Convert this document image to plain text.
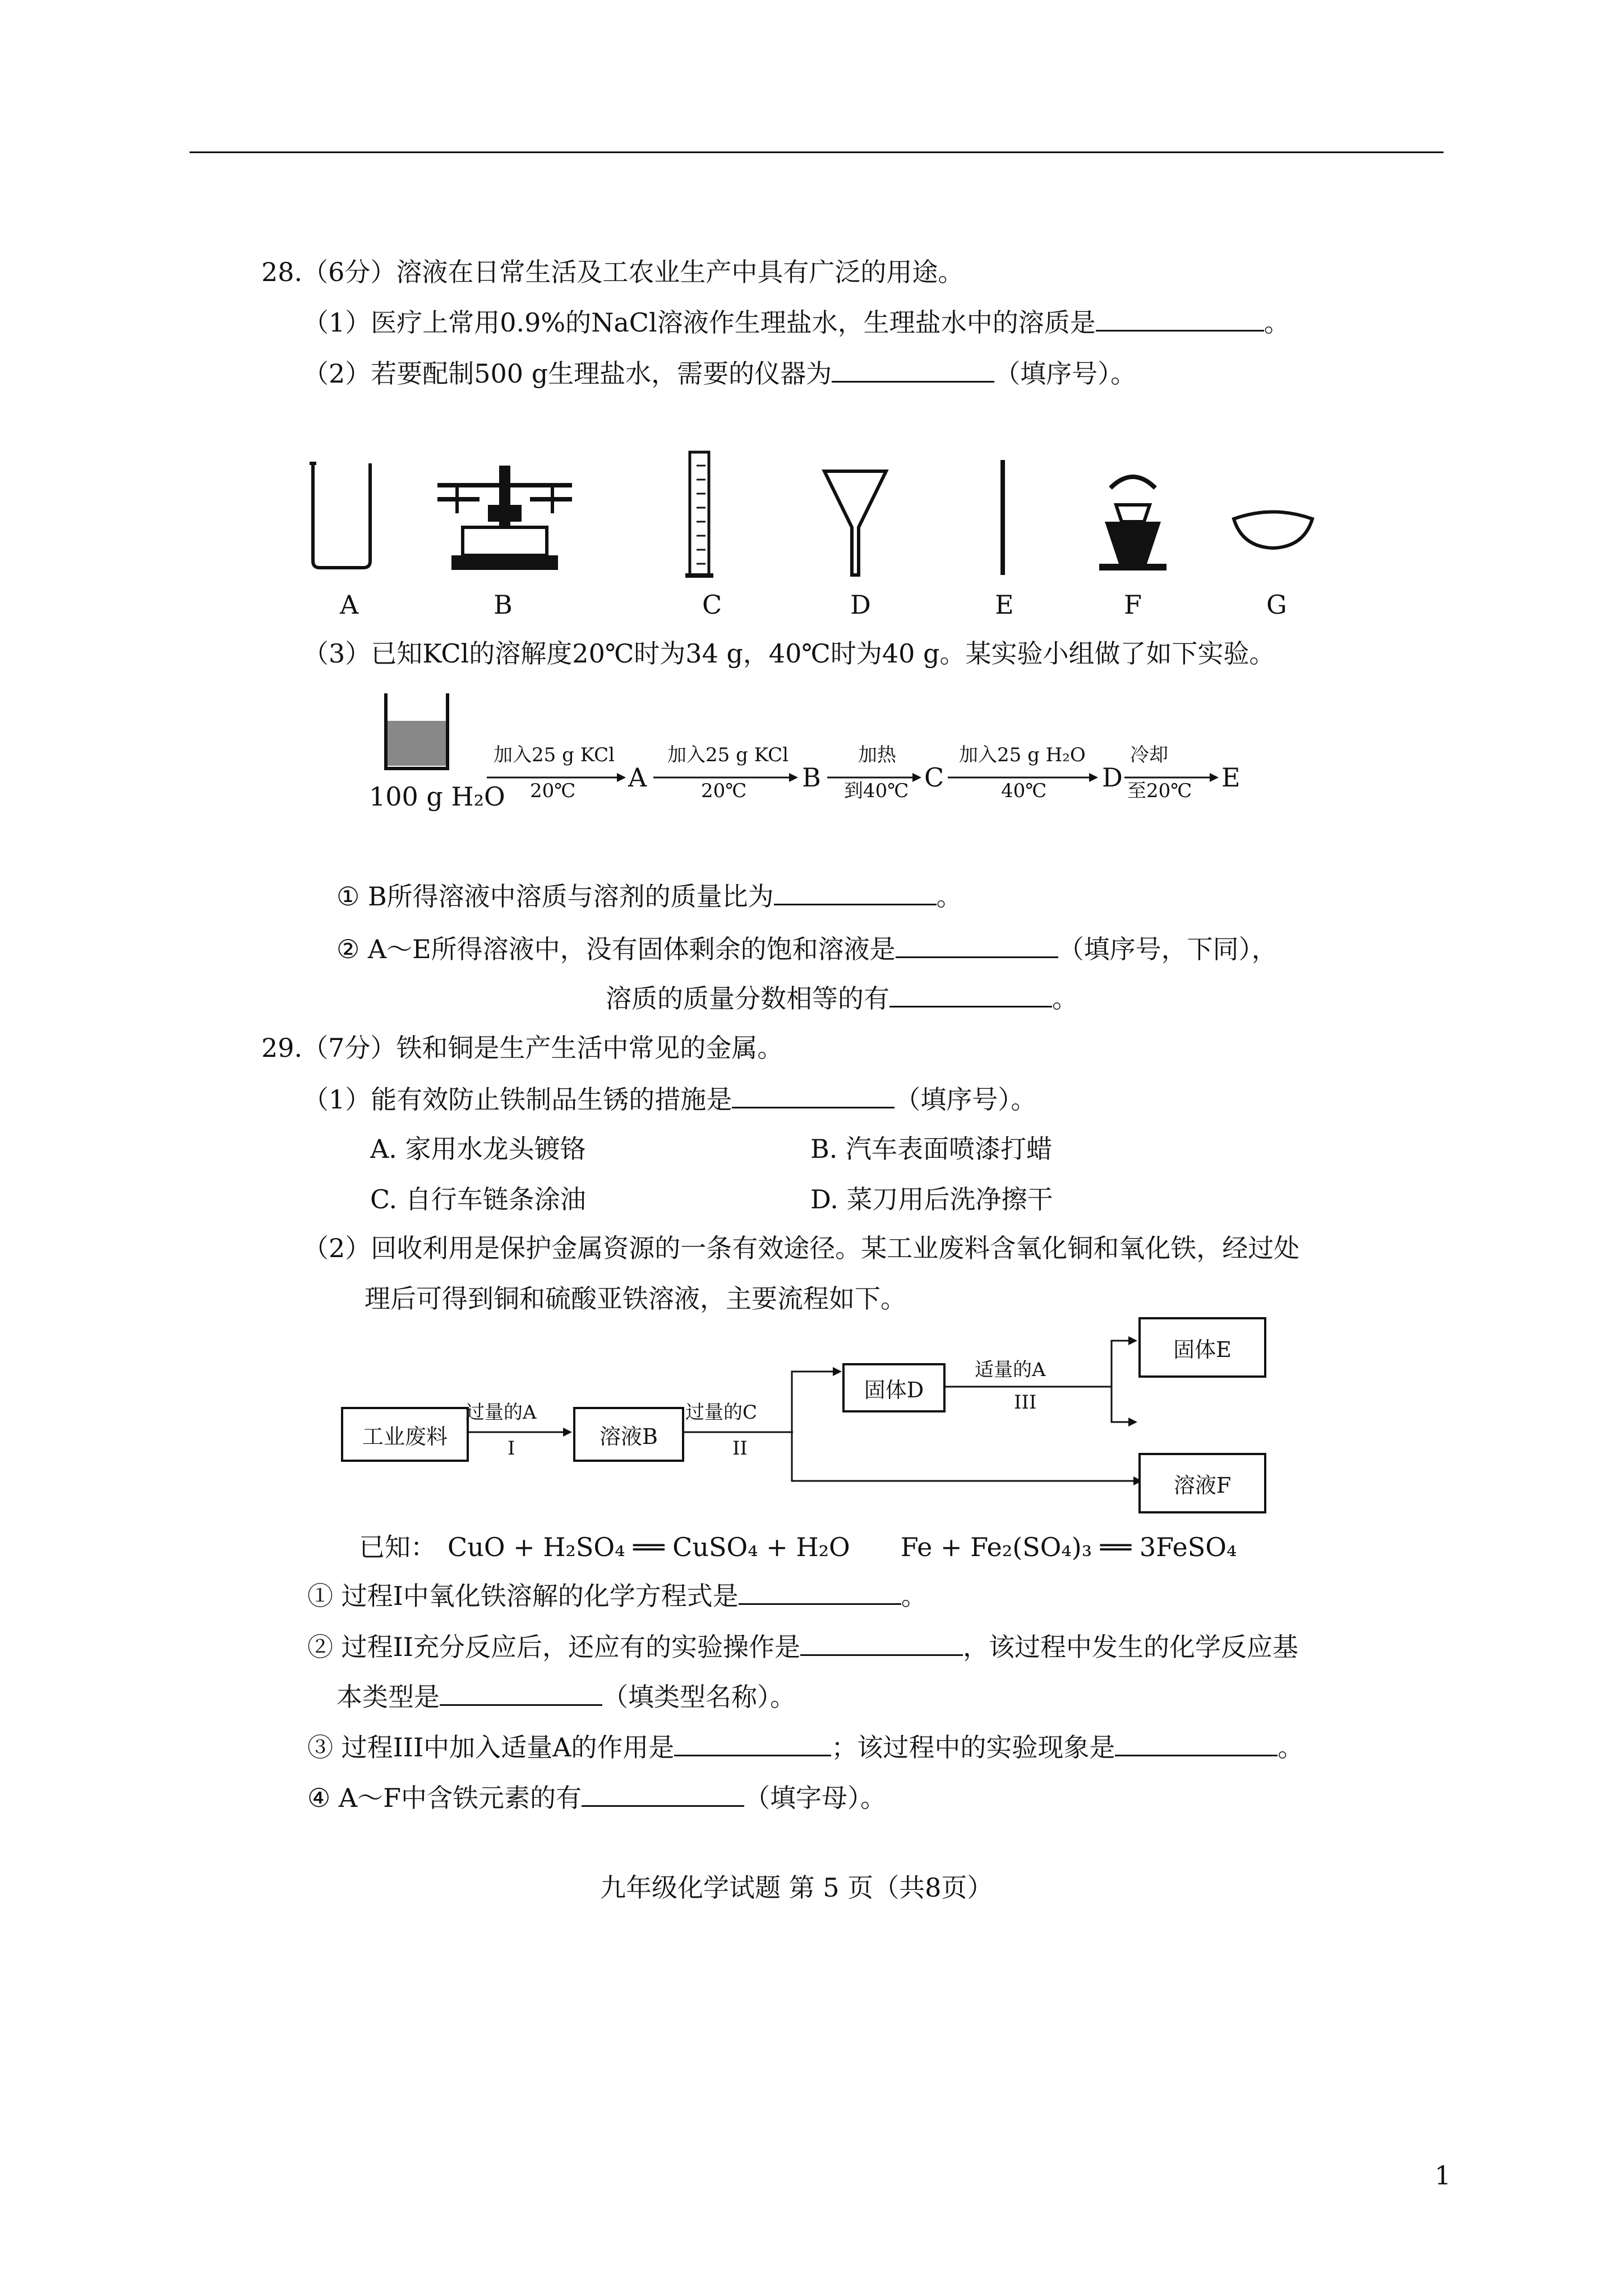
28.（6分）溶液在日常生活及工农业生产中具有广泛的用途。
（1）医疗上常用0.9%的NaCl溶液作生理盐水，生理盐水中的溶质是	。
（2）若要配制500 g生理盐水，需要的仪器为	（填序号）。
A	B	C	D	E	F	G
（3）已知KCl的溶解度20℃时为34 g，40℃时为40 g。某实验小组做了如下实验。
100 g H₂O
加入25 g KCl
20℃ A
加入25 g KCl
20℃ B
加热
到40℃ C
加入25 g H₂O
40℃ D
冷却
至20℃ E
① B所得溶液中溶质与溶剂的质量比为	。
② A～E所得溶液中，没有固体剩余的饱和溶液是	（填序号，下同），
溶质的质量分数相等的有	。
29.（7分）铁和铜是生产生活中常见的金属。
（1）能有效防止铁制品生锈的措施是	（填序号）。
A. 家用水龙头镀铬	B. 汽车表面喷漆打蜡
C. 自行车链条涂油	D. 菜刀用后洗净擦干
（2）回收利用是保护金属资源的一条有效途径。某工业废料含氧化铜和氧化铁，经过处
理后可得到铜和硫酸亚铁溶液，主要流程如下。
工业废料
过量的A
I	溶液B
过量的C
II
固体D
适量的A
III
固体E
溶液F
已知： CuO + H₂SO₄ ══ CuSO₄ + H₂O Fe + Fe₂(SO₄)₃ ══ 3FeSO₄
① 过程I中氧化铁溶解的化学方程式是	。
② 过程II充分反应后，还应有的实验操作是	，该过程中发生的化学反应基
本类型是	（填类型名称）。
③ 过程III中加入适量A的作用是	；该过程中的实验现象是	。
④ A～F中含铁元素的有	（填字母）。
九年级化学试题 第 5 页（共8页）
1
